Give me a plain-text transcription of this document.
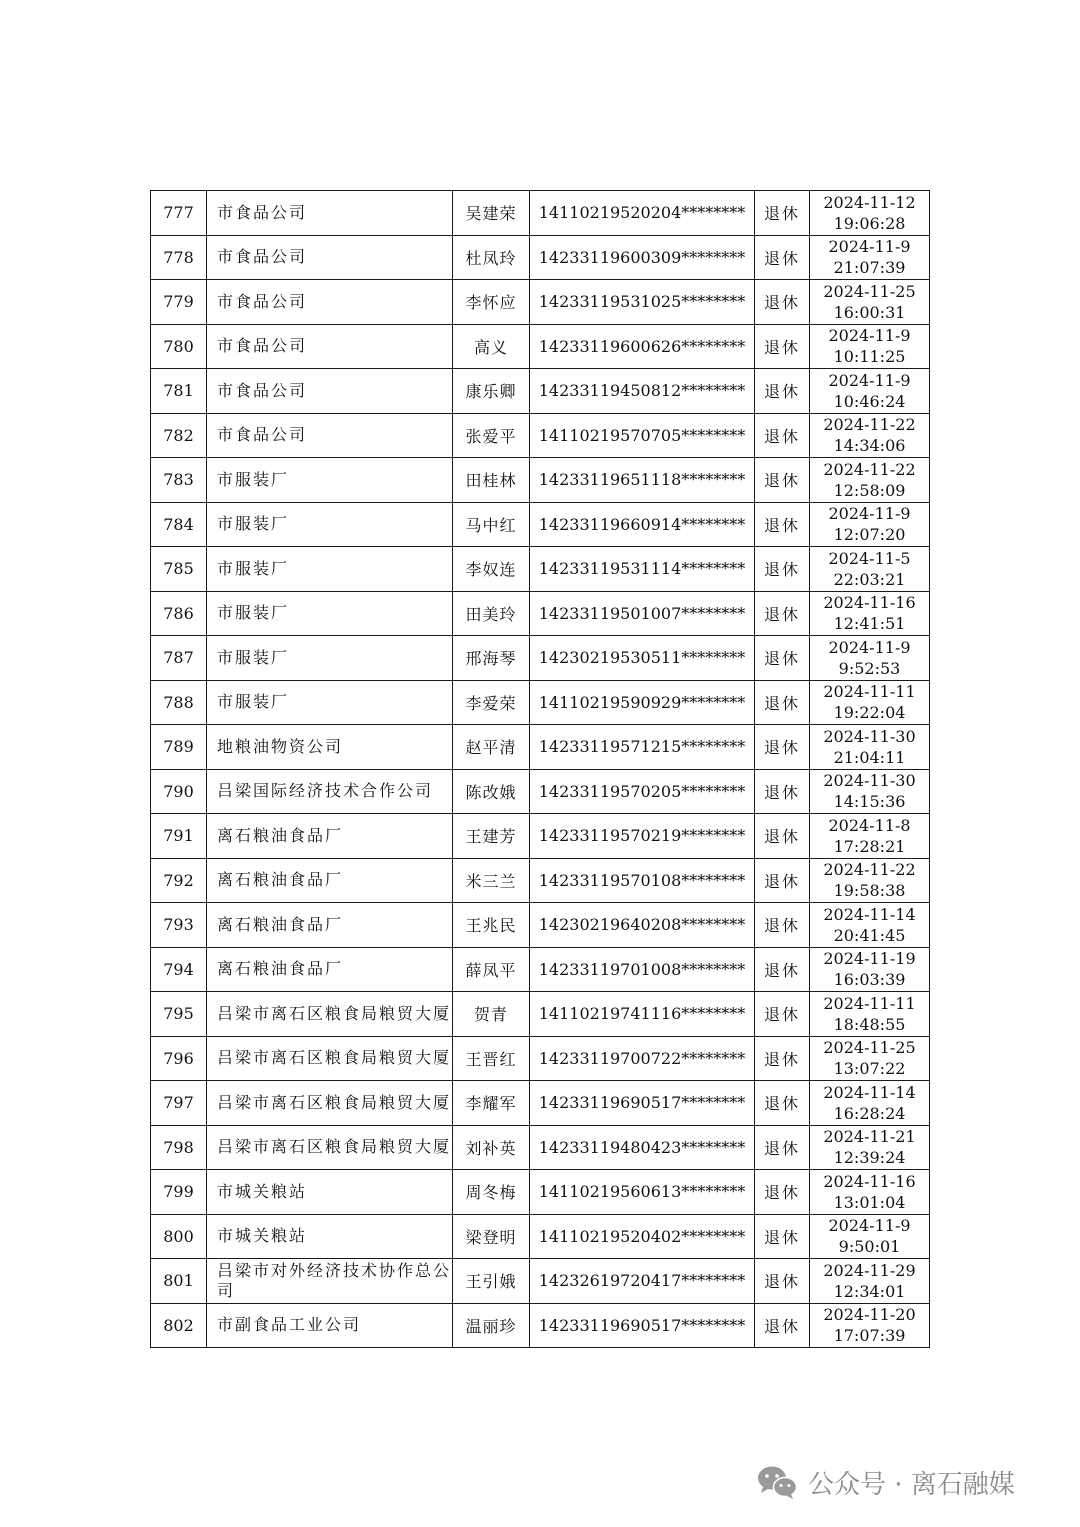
777	市食品公司	吴建荣	14110219520204********	退休	2024-11-12
19:06:28

778	市食品公司	杜凤玲	14233119600309********	退休	2024-11-9
21:07:39

779	市食品公司	李怀应	14233119531025********	退休	2024-11-25
16:00:31

780	市食品公司	高义	14233119600626********	退休	2024-11-9
10:11:25

781	市食品公司	康乐卿	14233119450812********	退休	2024-11-9
10:46:24

782	市食品公司	张爱平	14110219570705********	退休	2024-11-22
14:34:06

783	市服装厂	田桂林	14233119651118********	退休	2024-11-22
12:58:09

784	市服装厂	马中红	14233119660914********	退休	2024-11-9
12:07:20

785	市服装厂	李奴连	14233119531114********	退休	2024-11-5
22:03:21

786	市服装厂	田美玲	14233119501007********	退休	2024-11-16
12:41:51

787	市服装厂	邢海琴	14230219530511********	退休	2024-11-9
9:52:53

788	市服装厂	李爱荣	14110219590929********	退休	2024-11-11
19:22:04

789	地粮油物资公司	赵平清	14233119571215********	退休	2024-11-30
21:04:11

790	吕梁国际经济技术合作公司	陈改娥	14233119570205********	退休	2024-11-30
14:15:36

791	离石粮油食品厂	王建芳	14233119570219********	退休	2024-11-8
17:28:21

792	离石粮油食品厂	米三兰	14233119570108********	退休	2024-11-22
19:58:38

793	离石粮油食品厂	王兆民	14230219640208********	退休	2024-11-14
20:41:45

794	离石粮油食品厂	薛凤平	14233119701008********	退休	2024-11-19
16:03:39

795	吕梁市离石区粮食局粮贸大厦	贺青	14110219741116********	退休	2024-11-11
18:48:55

796	吕梁市离石区粮食局粮贸大厦	王晋红	14233119700722********	退休	2024-11-25
13:07:22

797	吕梁市离石区粮食局粮贸大厦	李耀军	14233119690517********	退休	2024-11-14
16:28:24

798	吕梁市离石区粮食局粮贸大厦	刘补英	14233119480423********	退休	2024-11-21
12:39:24

799	市城关粮站	周冬梅	14110219560613********	退休	2024-11-16
13:01:04

800	市城关粮站	梁登明	14110219520402********	退休	2024-11-9
9:50:01

801	吕梁市对外经济技术协作总公司	王引娥	14232619720417********	退休	2024-11-29
12:34:01

802	市副食品工业公司	温丽珍	14233119690517********	退休	2024-11-20
17:07:39
公众号 · 离石融媒
